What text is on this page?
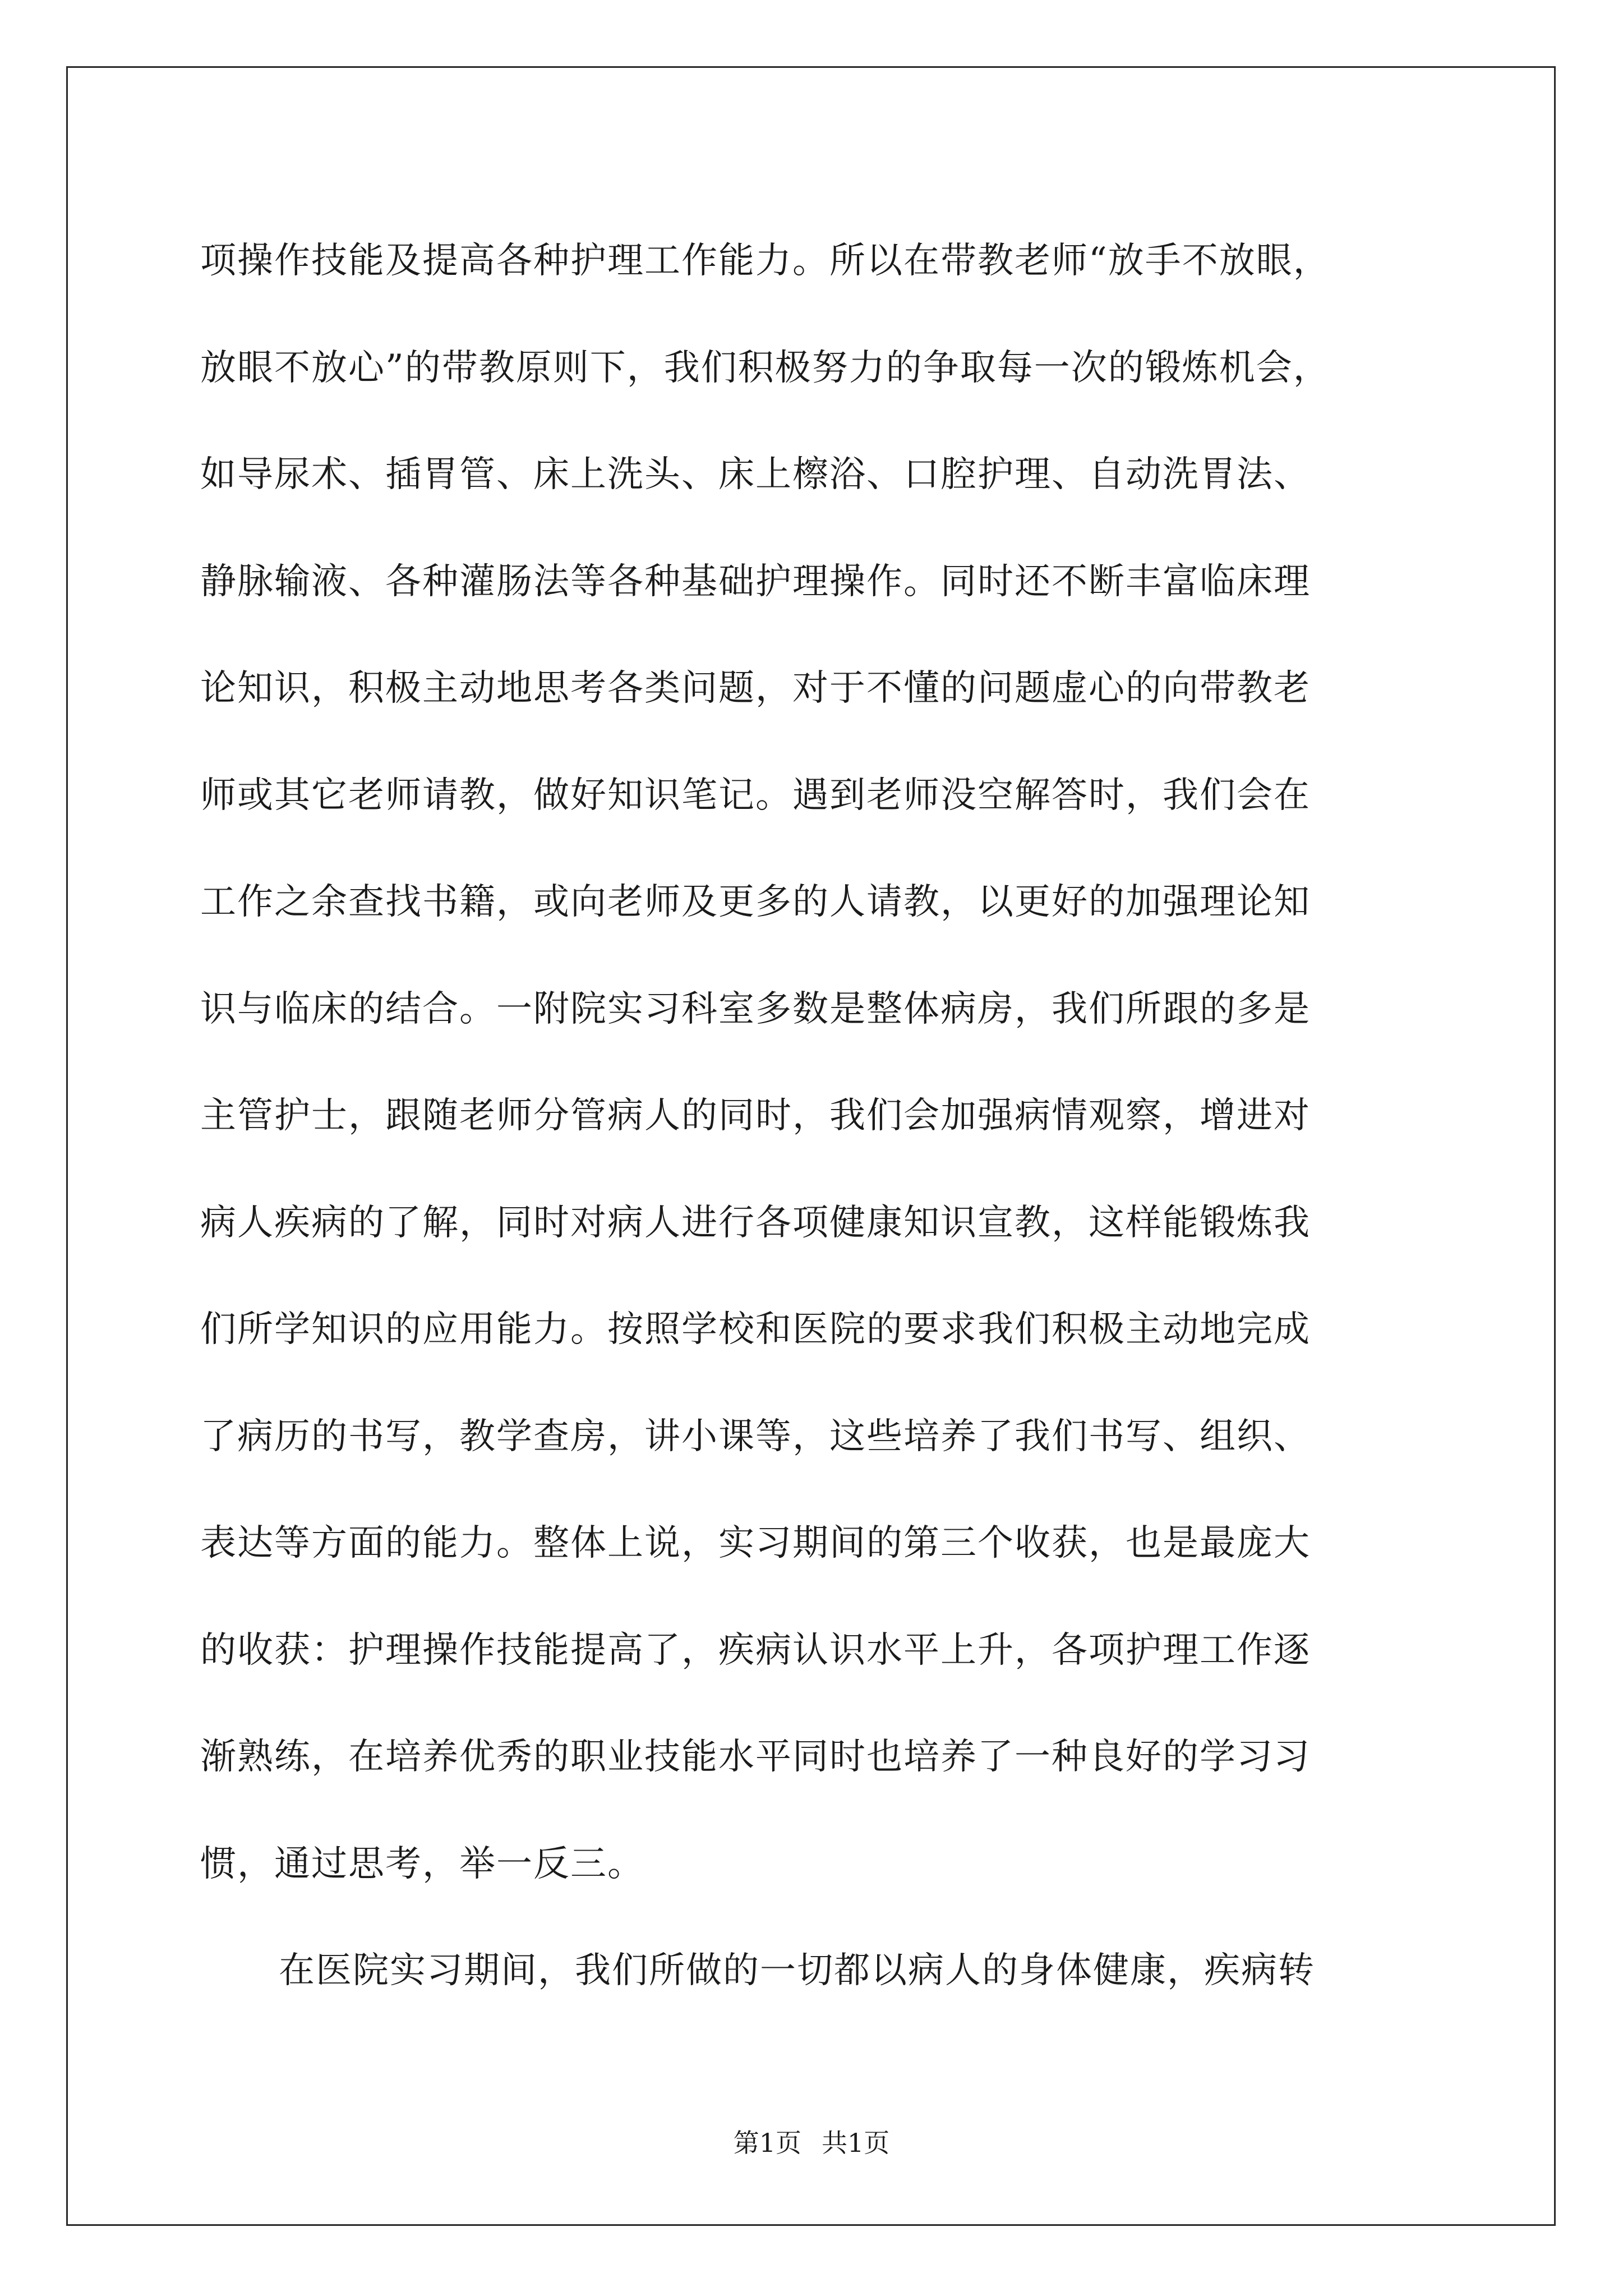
项操作技能及提高各种护理工作能力。所以在带教老师“放手不放眼，

放眼不放心”的带教原则下，我们积极努力的争取每一次的锻炼机会，

如导尿术、插胃管、床上洗头、床上檫浴、口腔护理、自动洗胃法、

静脉输液、各种灌肠法等各种基础护理操作。同时还不断丰富临床理

论知识，积极主动地思考各类问题，对于不懂的问题虚心的向带教老

师或其它老师请教，做好知识笔记。遇到老师没空解答时，我们会在

工作之余查找书籍，或向老师及更多的人请教，以更好的加强理论知

识与临床的结合。一附院实习科室多数是整体病房，我们所跟的多是

主管护士，跟随老师分管病人的同时，我们会加强病情观察，增进对

病人疾病的了解，同时对病人进行各项健康知识宣教，这样能锻炼我

们所学知识的应用能力。按照学校和医院的要求我们积极主动地完成

了病历的书写，教学查房，讲小课等，这些培养了我们书写、组织、

表达等方面的能力。整体上说，实习期间的第三个收获，也是最庞大

的收获：护理操作技能提高了，疾病认识水平上升，各项护理工作逐

渐熟练，在培养优秀的职业技能水平同时也培养了一种良好的学习习

惯，通过思考，举一反三。

在医院实习期间，我们所做的一切都以病人的身体健康，疾病转

第1页 共1页
